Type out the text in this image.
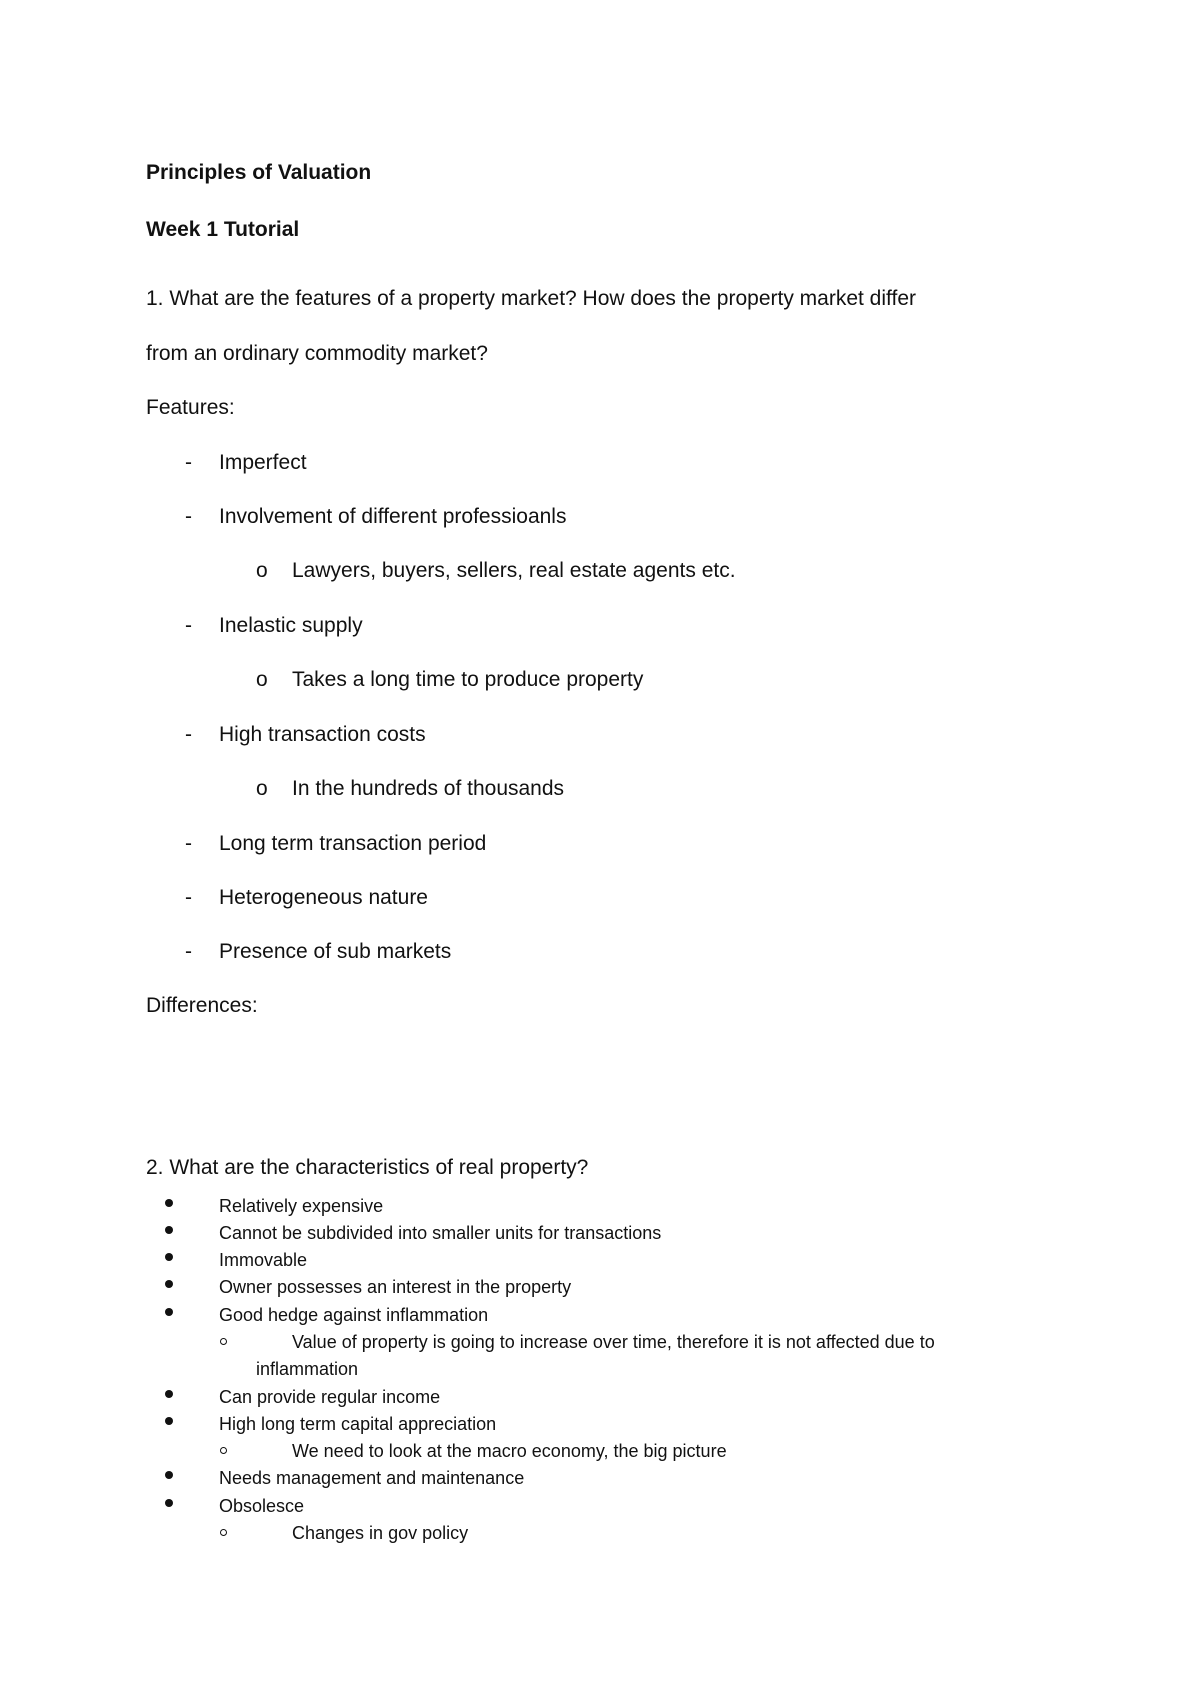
Principles of Valuation
Week 1 Tutorial
1. What are the features of a property market? How does the property market differ
from an ordinary commodity market?
Features:
- Imperfect
- Involvement of different professioanls
o Lawyers, buyers, sellers, real estate agents etc.
- Inelastic supply
o Takes a long time to produce property
- High transaction costs
o In the hundreds of thousands
- Long term transaction period
- Heterogeneous nature
- Presence of sub markets
Differences:
2. What are the characteristics of real property?
Relatively expensive
Cannot be subdivided into smaller units for transactions
Immovable
Owner possesses an interest in the property
Good hedge against inflammation
Value of property is going to increase over time, therefore it is not affected due to
inflammation
Can provide regular income
High long term capital appreciation
We need to look at the macro economy, the big picture
Needs management and maintenance
Obsolesce
Changes in gov policy
